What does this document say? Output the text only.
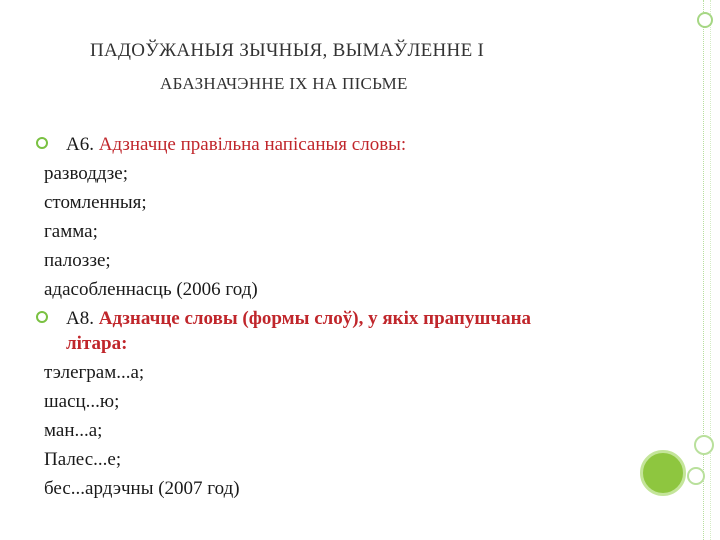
ПАДОЎЖАНЫЯ ЗЫЧНЫЯ, ВЫМАЎЛЕННЕ І
АБАЗНАЧЭННЕ ІХ НА ПІСЬМЕ
А6. Адзначце правільна напісаныя словы:
разводдзе;
стомленныя;
гамма;
палоззе;
адасобленнасць (2006 год)
А8. Адзначце словы (формы слоў), у якіх прапушчана
літара:
тэлеграм...а;
шасц...ю;
ман...а;
Палес...е;
бес...ардэчны (2007 год)
